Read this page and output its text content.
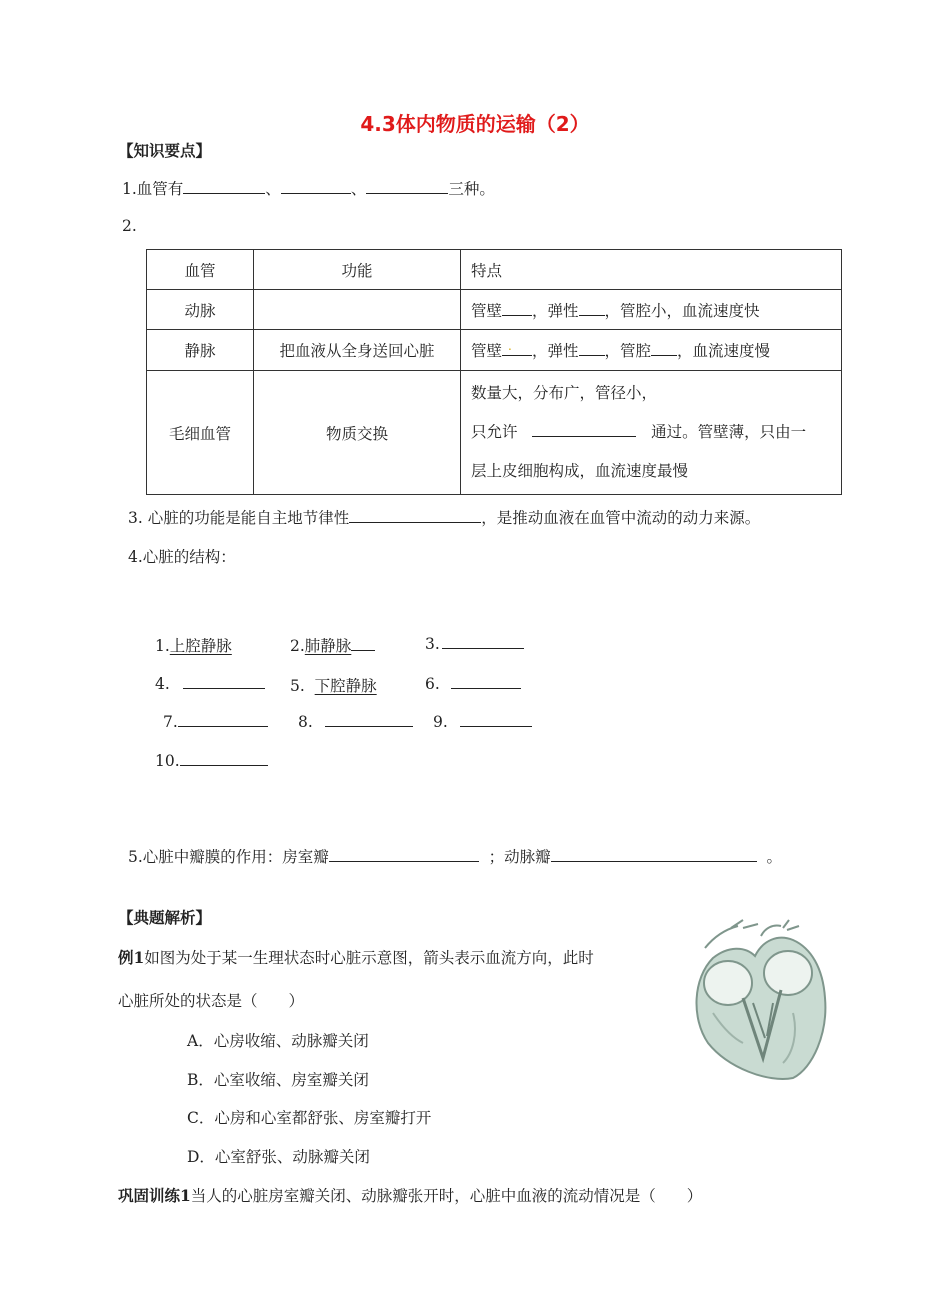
4.3体内物质的运输（2）
【知识要点】
1.血管有	、	、	三种。
2.
血管	功能	特点
动脉		管壁 ，弹性 ，管腔小，血流速度快
静脉	把血液从全身送回心脏	管壁 . ，弹性 ，管腔 ，血流速度慢
毛细血管	物质交换	数量大，分布广，管径小，
只允许 通过。管壁薄，只由一
层上皮细胞构成，血流速度最慢
3. 心脏的功能是能自主地节律性	，是推动血液在血管中流动的动力来源。
4.心脏的结构：
1.上腔静脉	2.肺静脉	3.
4.	5. 下腔静脉	6.
7.	8.	9.
10.
5.心脏中瓣膜的作用：房室瓣	；动脉瓣	。
【典题解析】
例1如图为处于某一生理状态时心脏示意图，箭头表示血流方向，此时
心脏所处的状态是（　　）
A．心房收缩、动脉瓣关闭
B．心室收缩、房室瓣关闭
C．心房和心室都舒张、房室瓣打开
D．心室舒张、动脉瓣关闭
巩固训练1当人的心脏房室瓣关闭、动脉瓣张开时，心脏中血液的流动情况是（　　）
